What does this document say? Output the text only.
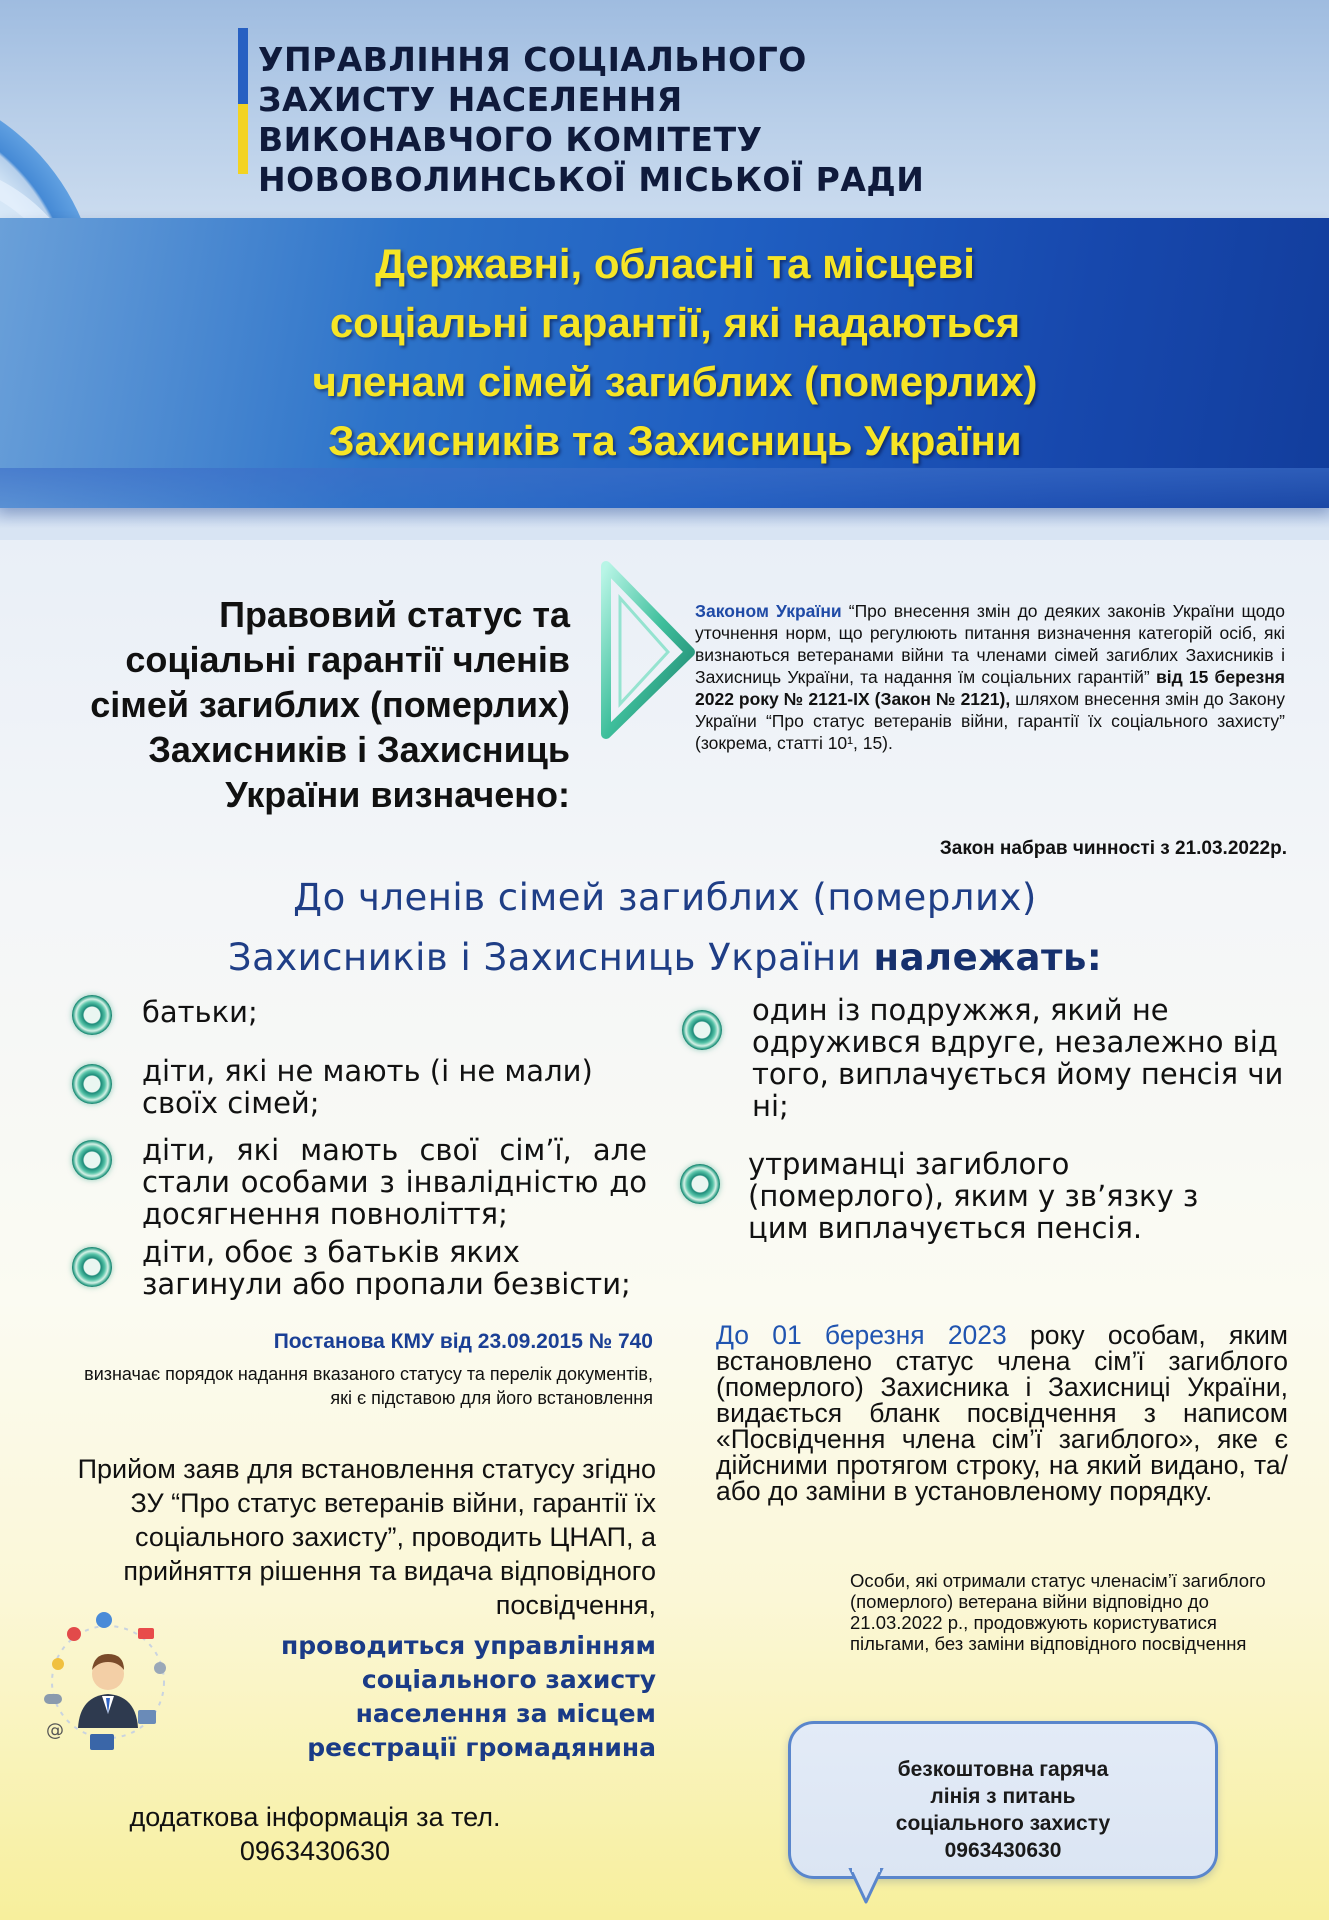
УПРАВЛІННЯ СОЦІАЛЬНОГО
ЗАХИСТУ НАСЕЛЕННЯ
ВИКОНАВЧОГО КОМІТЕТУ
НОВОВОЛИНСЬКОЇ МІСЬКОЇ РАДИ
Державні, обласні та місцеві
соціальні гарантії, які надаються
членам сімей загиблих (померлих)
Захисників та Захисниць України
Правовий статус та
соціальні гарантії членів
сімей загиблих (померлих)
Захисників і Захисниць
України визначено:
Законом України “Про внесення змін до деяких законів України щодо уточнення норм, що регулюють питання визначення категорій осіб, які визнаються ветеранами війни та членами сімей загиблих Захисників і Захисниць України, та надання їм соціальних гарантій” від 15 березня 2022 року № 2121-ІХ (Закон № 2121), шляхом внесення змін до Закону України “Про статус ветеранів війни, гарантії їх соціального захисту” (зокрема, статті 10¹, 15).
Закон набрав чинності з 21.03.2022р.
До членів сімей загиблих (померлих)
Захисників і Захисниць України належать:
батьки;
діти, які не мають (і не мали) своїх сімей;
діти, які мають свої сім’ї, але стали особами з інвалідністю до досягнення повноліття;
діти, обоє з батьків яких загинули або пропали безвісти;
один із подружжя, який не одружився вдруге, незалежно від того, виплачується йому пенсія чи ні;
утриманці загиблого (померлого), яким у зв’язку з цим виплачується пенсія.
Постанова КМУ від 23.09.2015 № 740
визначає порядок надання вказаного статусу та перелік документів, які є підставою для його встановлення
Прийом заяв для встановлення статусу згідно ЗУ “Про статус ветеранів війни, гарантії їх соціального захисту”, проводить ЦНАП, а прийняття рішення та видача відповідного посвідчення,
проводиться управлінням соціального захисту населення за місцем реєстрації громадянина
@
додаткова інформація за тел.
0963430630
До 01 березня 2023 року особам, яким встановлено статус члена сім’ї загиблого (померлого) Захисника і Захисниці України, видається бланк посвідчення з написом «Посвідчення члена сім’ї загиблого», яке є дійсними протягом строку, на який видано, та/або до заміни в установленому порядку.
Особи, які отримали статус членасім’ї загиблого (померлого) ветерана війни відповідно до 21.03.2022 р., продовжують користуватися пільгами, без заміни відповідного посвідчення
безкоштовна гаряча
лінія з питань
соціального захисту
0963430630
